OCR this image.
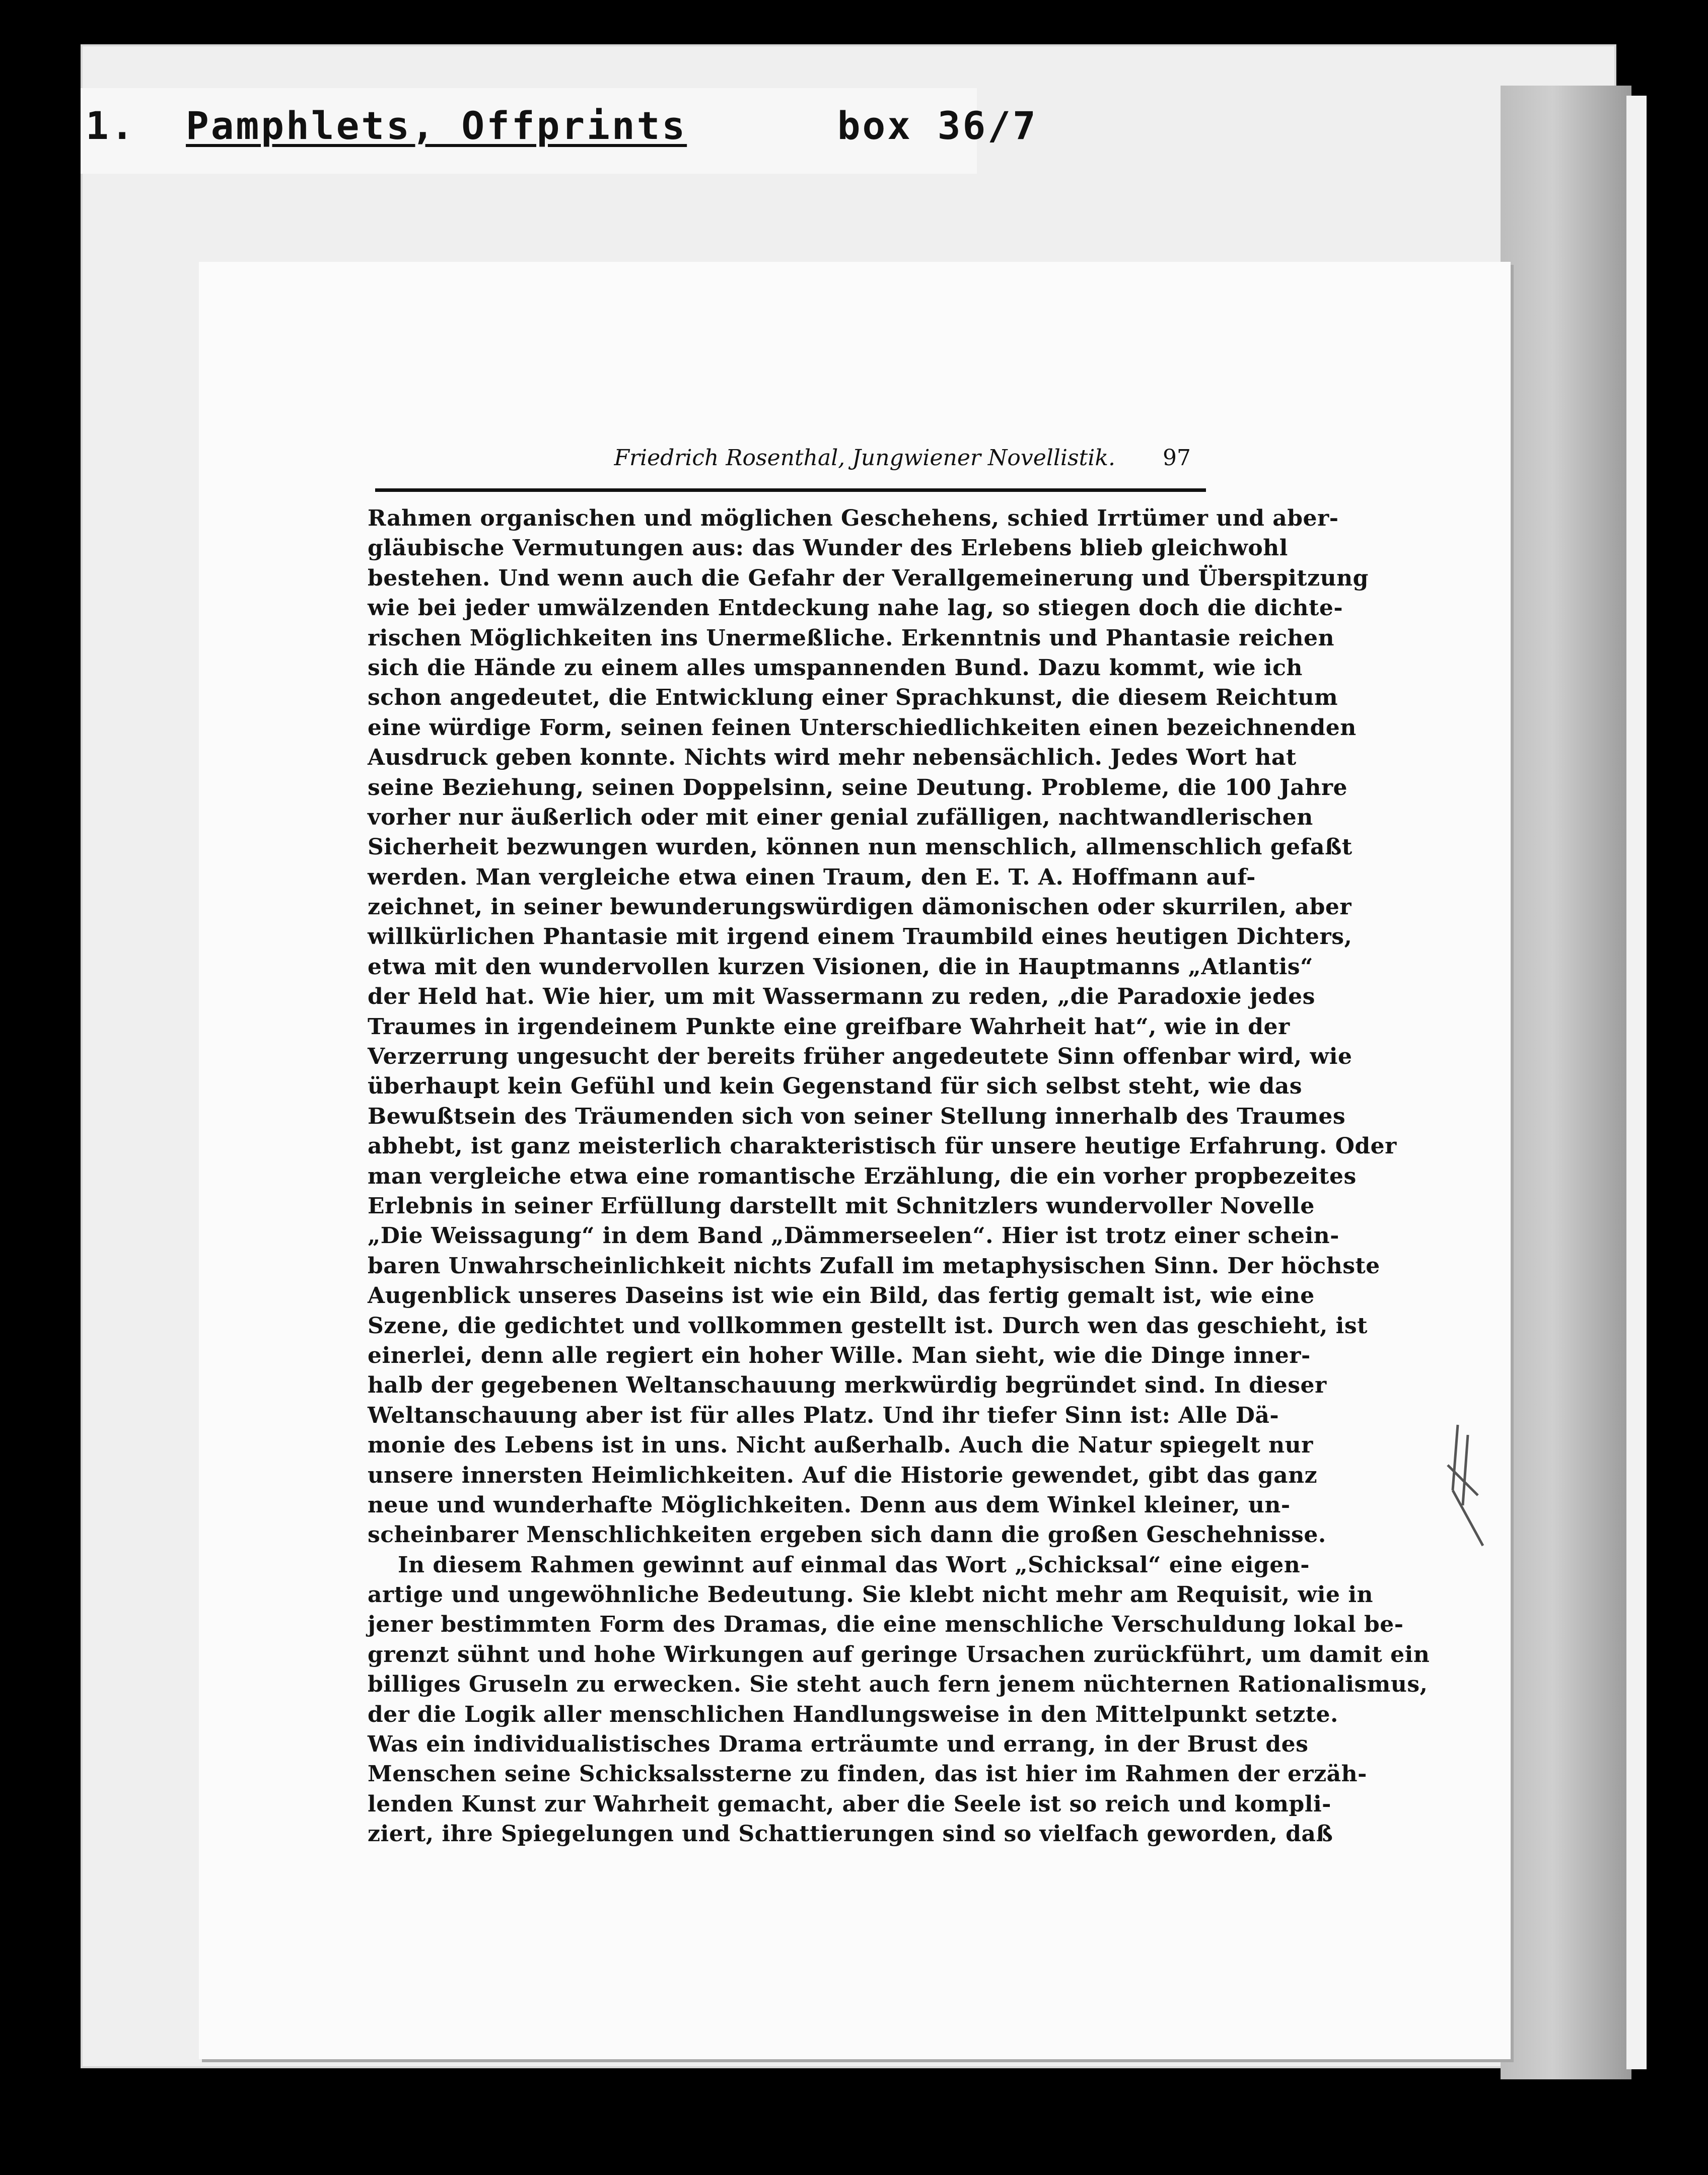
1. Pamphlets, Offprints	box 36/7
Friedrich Rosenthal, Jungwiener Novellistik. 97
Rahmen organischen und möglichen Geschehens, schied Irrtümer und aber-
gläubische Vermutungen aus: das Wunder des Erlebens blieb gleichwohl
bestehen. Und wenn auch die Gefahr der Verallgemeinerung und Überspitzung
wie bei jeder umwälzenden Entdeckung nahe lag, so stiegen doch die dichte-
rischen Möglichkeiten ins Unermeßliche. Erkenntnis und Phantasie reichen
sich die Hände zu einem alles umspannenden Bund. Dazu kommt, wie ich
schon angedeutet, die Entwicklung einer Sprachkunst, die diesem Reichtum
eine würdige Form, seinen feinen Unterschiedlichkeiten einen bezeichnenden
Ausdruck geben konnte. Nichts wird mehr nebensächlich. Jedes Wort hat
seine Beziehung, seinen Doppelsinn, seine Deutung. Probleme, die 100 Jahre
vorher nur äußerlich oder mit einer genial zufälligen, nachtwandlerischen
Sicherheit bezwungen wurden, können nun menschlich, allmenschlich gefaßt
werden. Man vergleiche etwa einen Traum, den E. T. A. Hoffmann auf-
zeichnet, in seiner bewunderungswürdigen dämonischen oder skurrilen, aber
willkürlichen Phantasie mit irgend einem Traumbild eines heutigen Dichters,
etwa mit den wundervollen kurzen Visionen, die in Hauptmanns „Atlantis“
der Held hat. Wie hier, um mit Wassermann zu reden, „die Paradoxie jedes
Traumes in irgendeinem Punkte eine greifbare Wahrheit hat“, wie in der
Verzerrung ungesucht der bereits früher angedeutete Sinn offenbar wird, wie
überhaupt kein Gefühl und kein Gegenstand für sich selbst steht, wie das
Bewußtsein des Träumenden sich von seiner Stellung innerhalb des Traumes
abhebt, ist ganz meisterlich charakteristisch für unsere heutige Erfahrung. Oder
man vergleiche etwa eine romantische Erzählung, die ein vorher propbezeites
Erlebnis in seiner Erfüllung darstellt mit Schnitzlers wundervoller Novelle
„Die Weissagung“ in dem Band „Dämmerseelen“. Hier ist trotz einer schein-
baren Unwahrscheinlichkeit nichts Zufall im metaphysischen Sinn. Der höchste
Augenblick unseres Daseins ist wie ein Bild, das fertig gemalt ist, wie eine
Szene, die gedichtet und vollkommen gestellt ist. Durch wen das geschieht, ist
einerlei, denn alle regiert ein hoher Wille. Man sieht, wie die Dinge inner-
halb der gegebenen Weltanschauung merkwürdig begründet sind. In dieser
Weltanschauung aber ist für alles Platz. Und ihr tiefer Sinn ist: Alle Dä-
monie des Lebens ist in uns. Nicht außerhalb. Auch die Natur spiegelt nur
unsere innersten Heimlichkeiten. Auf die Historie gewendet, gibt das ganz
neue und wunderhafte Möglichkeiten. Denn aus dem Winkel kleiner, un-
scheinbarer Menschlichkeiten ergeben sich dann die großen Geschehnisse.
In diesem Rahmen gewinnt auf einmal das Wort „Schicksal“ eine eigen-
artige und ungewöhnliche Bedeutung. Sie klebt nicht mehr am Requisit, wie in
jener bestimmten Form des Dramas, die eine menschliche Verschuldung lokal be-
grenzt sühnt und hohe Wirkungen auf geringe Ursachen zurückführt, um damit ein
billiges Gruseln zu erwecken. Sie steht auch fern jenem nüchternen Rationalismus,
der die Logik aller menschlichen Handlungsweise in den Mittelpunkt setzte.
Was ein individualistisches Drama erträumte und errang, in der Brust des
Menschen seine Schicksalssterne zu finden, das ist hier im Rahmen der erzäh-
lenden Kunst zur Wahrheit gemacht, aber die Seele ist so reich und kompli-
ziert, ihre Spiegelungen und Schattierungen sind so vielfach geworden, daß
